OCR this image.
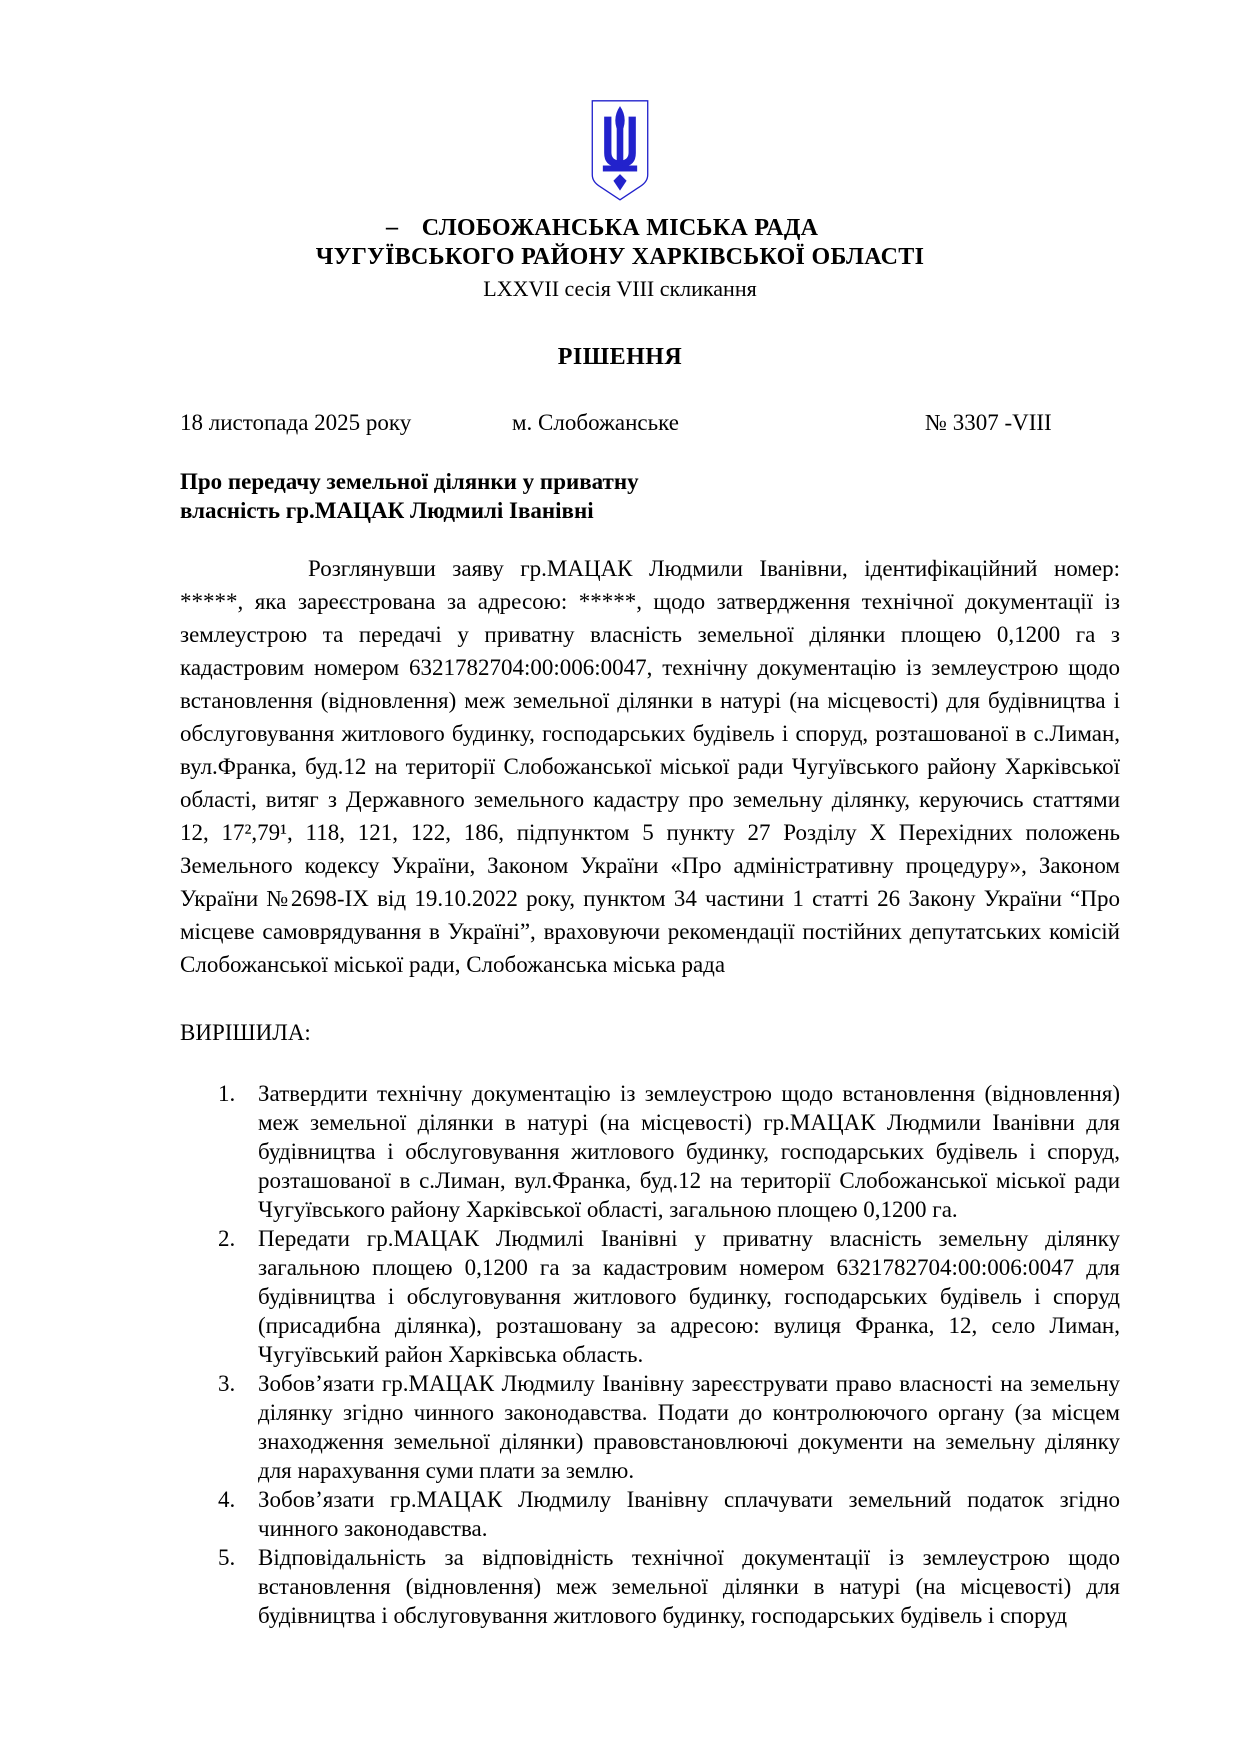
_ СЛОБОЖАНСЬКА МІСЬКА РАДА
ЧУГУЇВСЬКОГО РАЙОНУ ХАРКІВСЬКОЇ ОБЛАСТІ
LXXVII сесія VIII скликання
РІШЕННЯ
18 листопада 2025 року	м. Слобожанське	№ 3307 -VIII
Про передачу земельної ділянки у приватну
власність гр.МАЦАК Людмилі Іванівні
Розглянувши заяву гр.МАЦАК Людмили Іванівни, ідентифікаційний номер: *****, яка зареєстрована за адресою: *****, щодо затвердження технічної документації із землеустрою та передачі у приватну власність земельної ділянки площею 0,1200 га з кадастровим номером 6321782704:00:006:0047, технічну документацію із землеустрою щодо встановлення (відновлення) меж земельної ділянки в натурі (на місцевості) для будівництва і обслуговування житлового будинку, господарських будівель і споруд, розташованої в с.Лиман, вул.Франка, буд.12 на території Слобожанської міської ради Чугуївського району Харківської області, витяг з Державного земельного кадастру про земельну ділянку, керуючись статтями 12, 17²,79¹, 118, 121, 122, 186, підпунктом 5 пункту 27 Розділу X Перехідних положень Земельного кодексу України, Законом України «Про адміністративну процедуру», Законом України №2698-IX від 19.10.2022 року, пунктом 34 частини 1 статті 26 Закону України “Про місцеве самоврядування в Україні”, враховуючи рекомендації постійних депутатських комісій Слобожанської міської ради, Слобожанська міська рада
ВИРІШИЛА:
1. Затвердити технічну документацію із землеустрою щодо встановлення (відновлення) меж земельної ділянки в натурі (на місцевості) гр.МАЦАК Людмили Іванівни для будівництва і обслуговування житлового будинку, господарських будівель і споруд, розташованої в с.Лиман, вул.Франка, буд.12 на території Слобожанської міської ради Чугуївського району Харківської області, загальною площею 0,1200 га.
2. Передати гр.МАЦАК Людмилі Іванівні у приватну власність земельну ділянку загальною площею 0,1200 га за кадастровим номером 6321782704:00:006:0047 для будівництва і обслуговування житлового будинку, господарських будівель і споруд (присадибна ділянка), розташовану за адресою: вулиця Франка, 12, село Лиман, Чугуївський район Харківська область.
3. Зобов’язати гр.МАЦАК Людмилу Іванівну зареєструвати право власності на земельну ділянку згідно чинного законодавства. Подати до контролюючого органу (за місцем знаходження земельної ділянки) правовстановлюючі документи на земельну ділянку для нарахування суми плати за землю.
4. Зобов’язати гр.МАЦАК Людмилу Іванівну сплачувати земельний податок згідно чинного законодавства.
5. Відповідальність за відповідність технічної документації із землеустрою щодо встановлення (відновлення) меж земельної ділянки в натурі (на місцевості) для будівництва і обслуговування житлового будинку, господарських будівель і споруд
